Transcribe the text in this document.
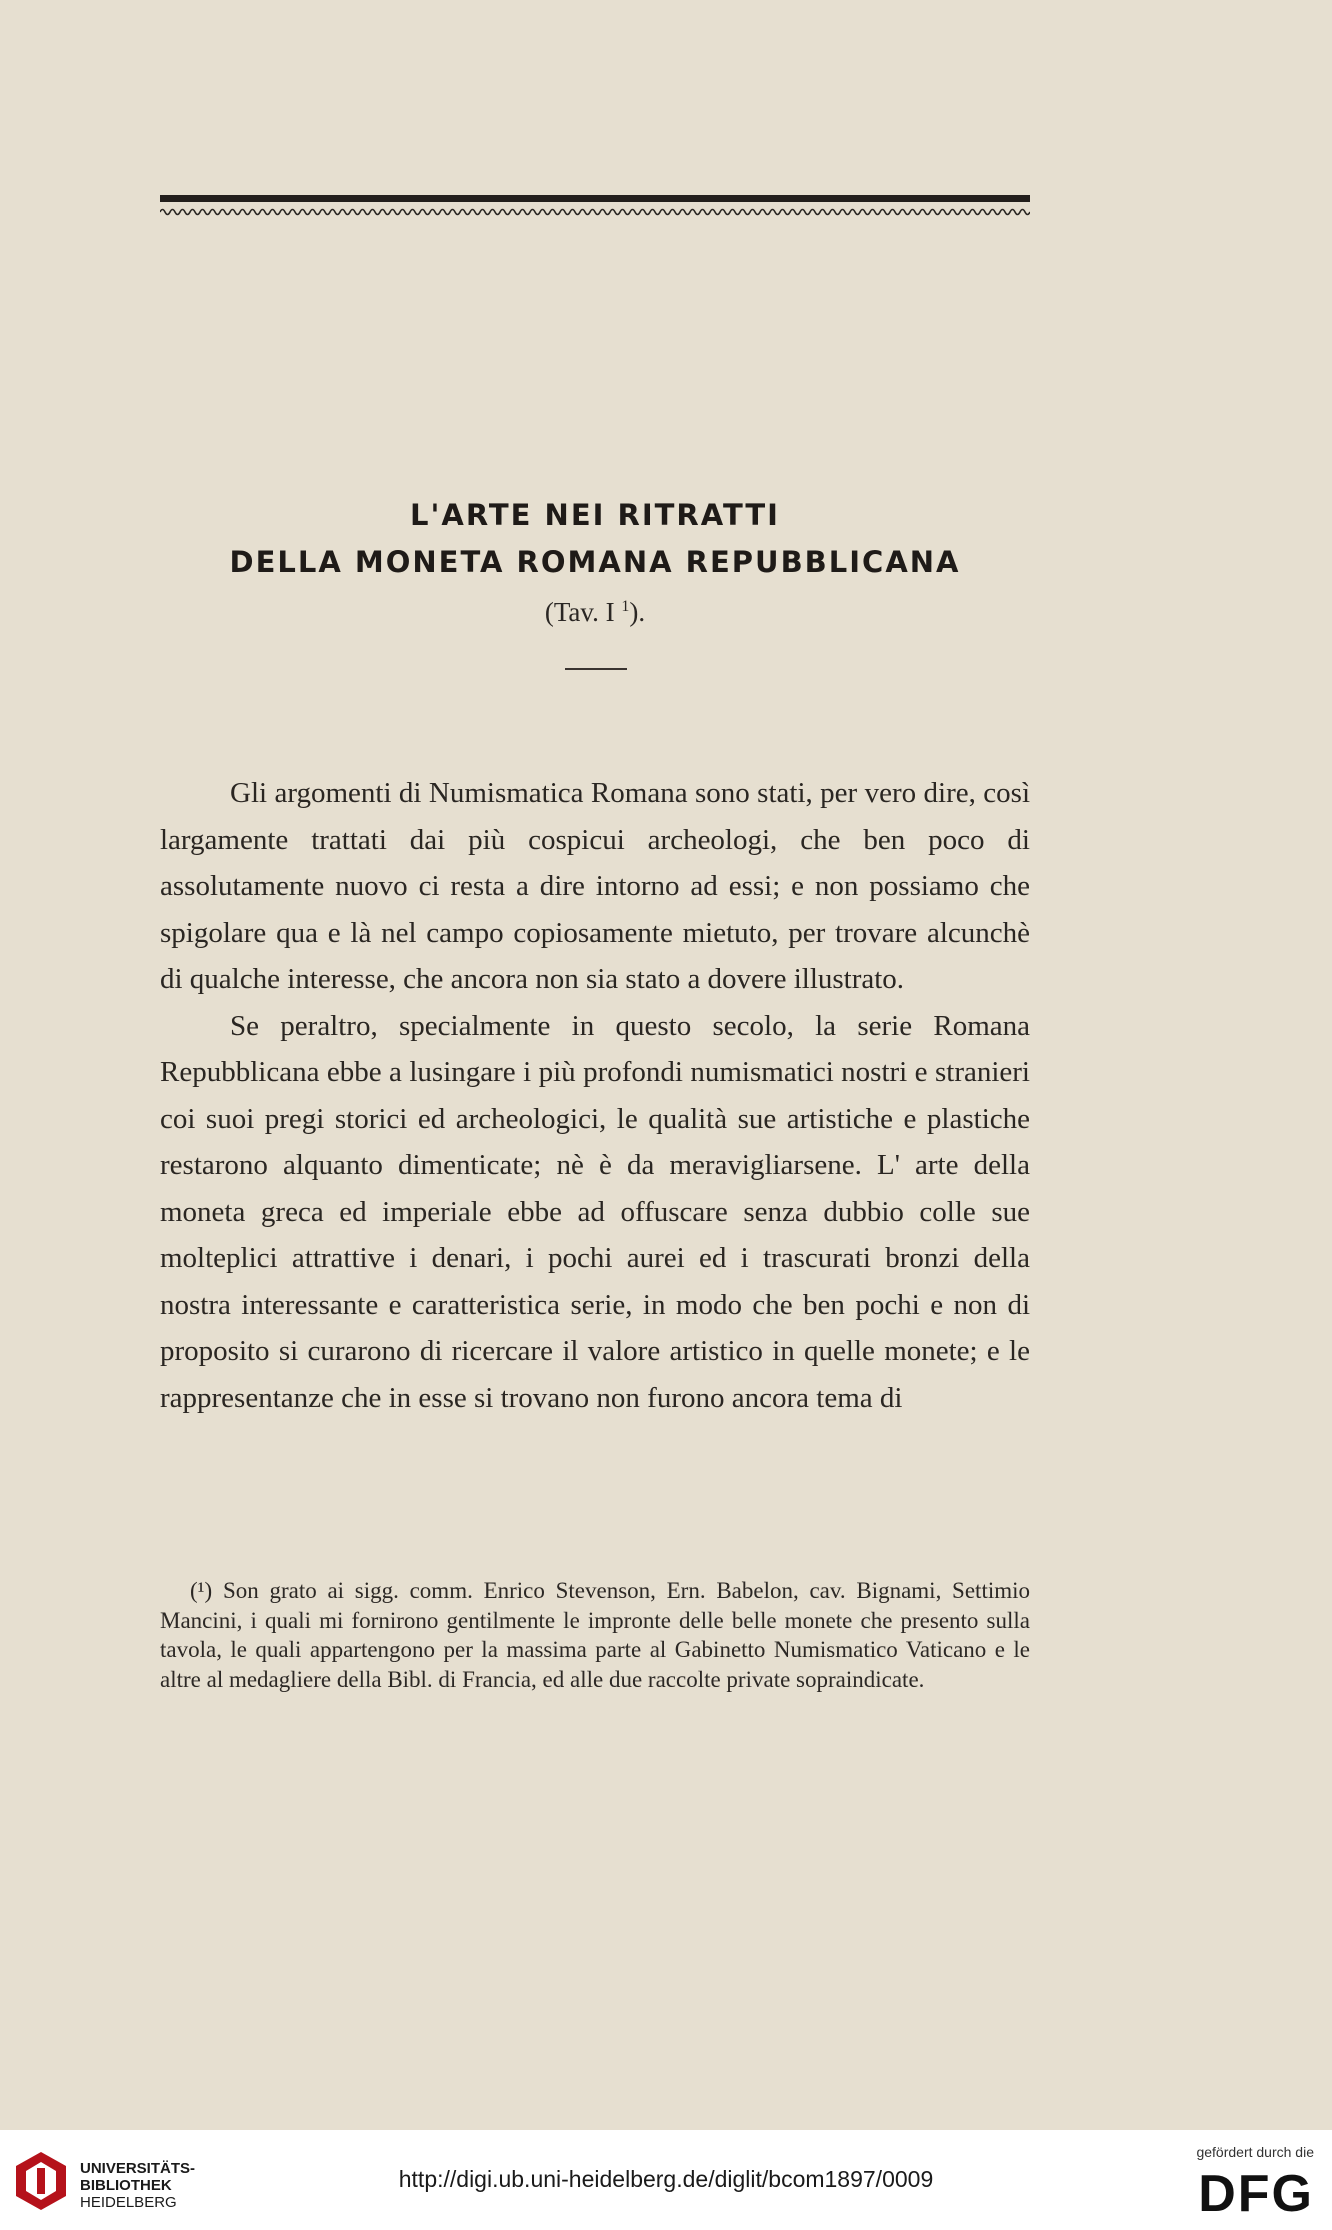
L'ARTE NEI RITRATTI
DELLA MONETA ROMANA REPUBBLICANA
(Tav. I $^1$).

Gli argomenti di Numismatica Romana sono stati, per vero dire, così largamente trattati dai più cospicui archeologi, che ben poco di assolutamente nuovo ci resta a dire intorno ad essi; e non possiamo che spigolare qua e là nel campo copiosamente mietuto, per trovare alcunchè di qualche interesse, che ancora non sia stato a dovere illustrato.

Se peraltro, specialmente in questo secolo, la serie Romana Repubblicana ebbe a lusingare i più profondi numismatici nostri e stranieri coi suoi pregi storici ed archeologici, le qualità sue artistiche e plastiche restarono alquanto dimenticate; nè è da meravigliarsene. L' arte della moneta greca ed imperiale ebbe ad offuscare senza dubbio colle sue molteplici attrattive i denari, i pochi aurei ed i trascurati bronzi della nostra interessante e caratteristica serie, in modo che ben pochi e non di proposito si curarono di ricercare il valore artistico in quelle monete; e le rappresentanze che in esse si trovano non furono ancora tema di

(¹) Son grato ai sigg. comm. Enrico Stevenson, Ern. Babelon, cav. Bignami, Settimio Mancini, i quali mi fornirono gentilmente le impronte delle belle monete che presento sulla tavola, le quali appartengono per la massima parte al Gabinetto Numismatico Vaticano e le altre al medagliere della Bibl. di Francia, ed alle due raccolte private sopraindicate.

UNIVERSITÄTS-
BIBLIOTHEK
HEIDELBERG
http://digi.ub.uni-heidelberg.de/diglit/bcom1897/0009
gefördert durch die
DFG
